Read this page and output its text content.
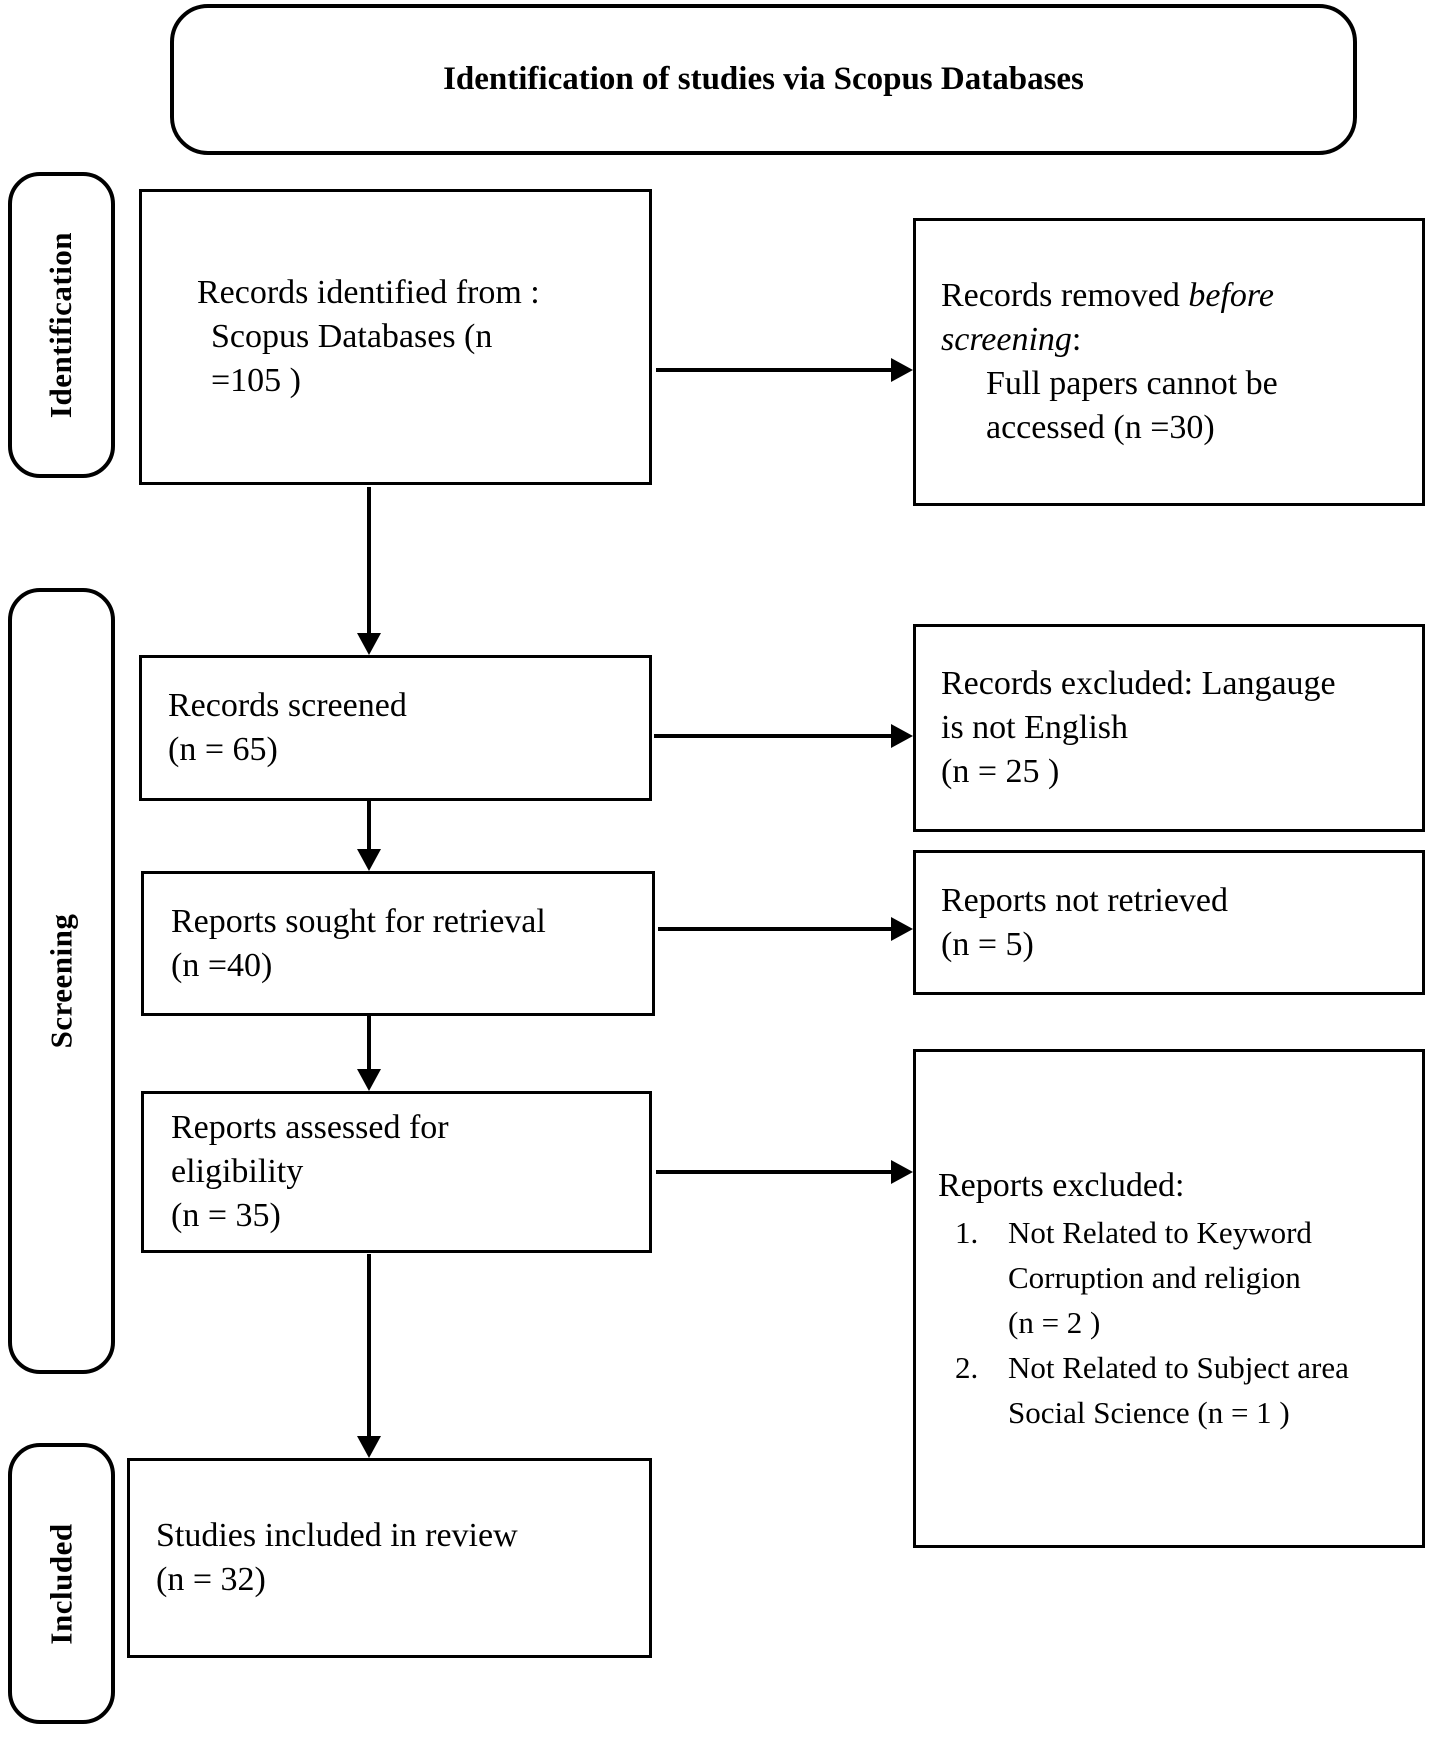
Identification of studies via Scopus Databases
Identification
Screening
Included
Records identified from :
Scopus Databases (n
=105 )
Records screened
(n = 65)
Reports sought for retrieval
(n =40)
Reports assessed for
eligibility
(n = 35)
Studies included in review
(n = 32)
Records removed before
screening:
Full papers cannot be
accessed (n =30)
Records excluded: Langauge
is not English
(n = 25 )
Reports not retrieved
(n = 5)
Reports excluded:
1. Not Related to Keyword
Corruption and religion
(n = 2 )
2. Not Related to Subject area
Social Science (n = 1 )
